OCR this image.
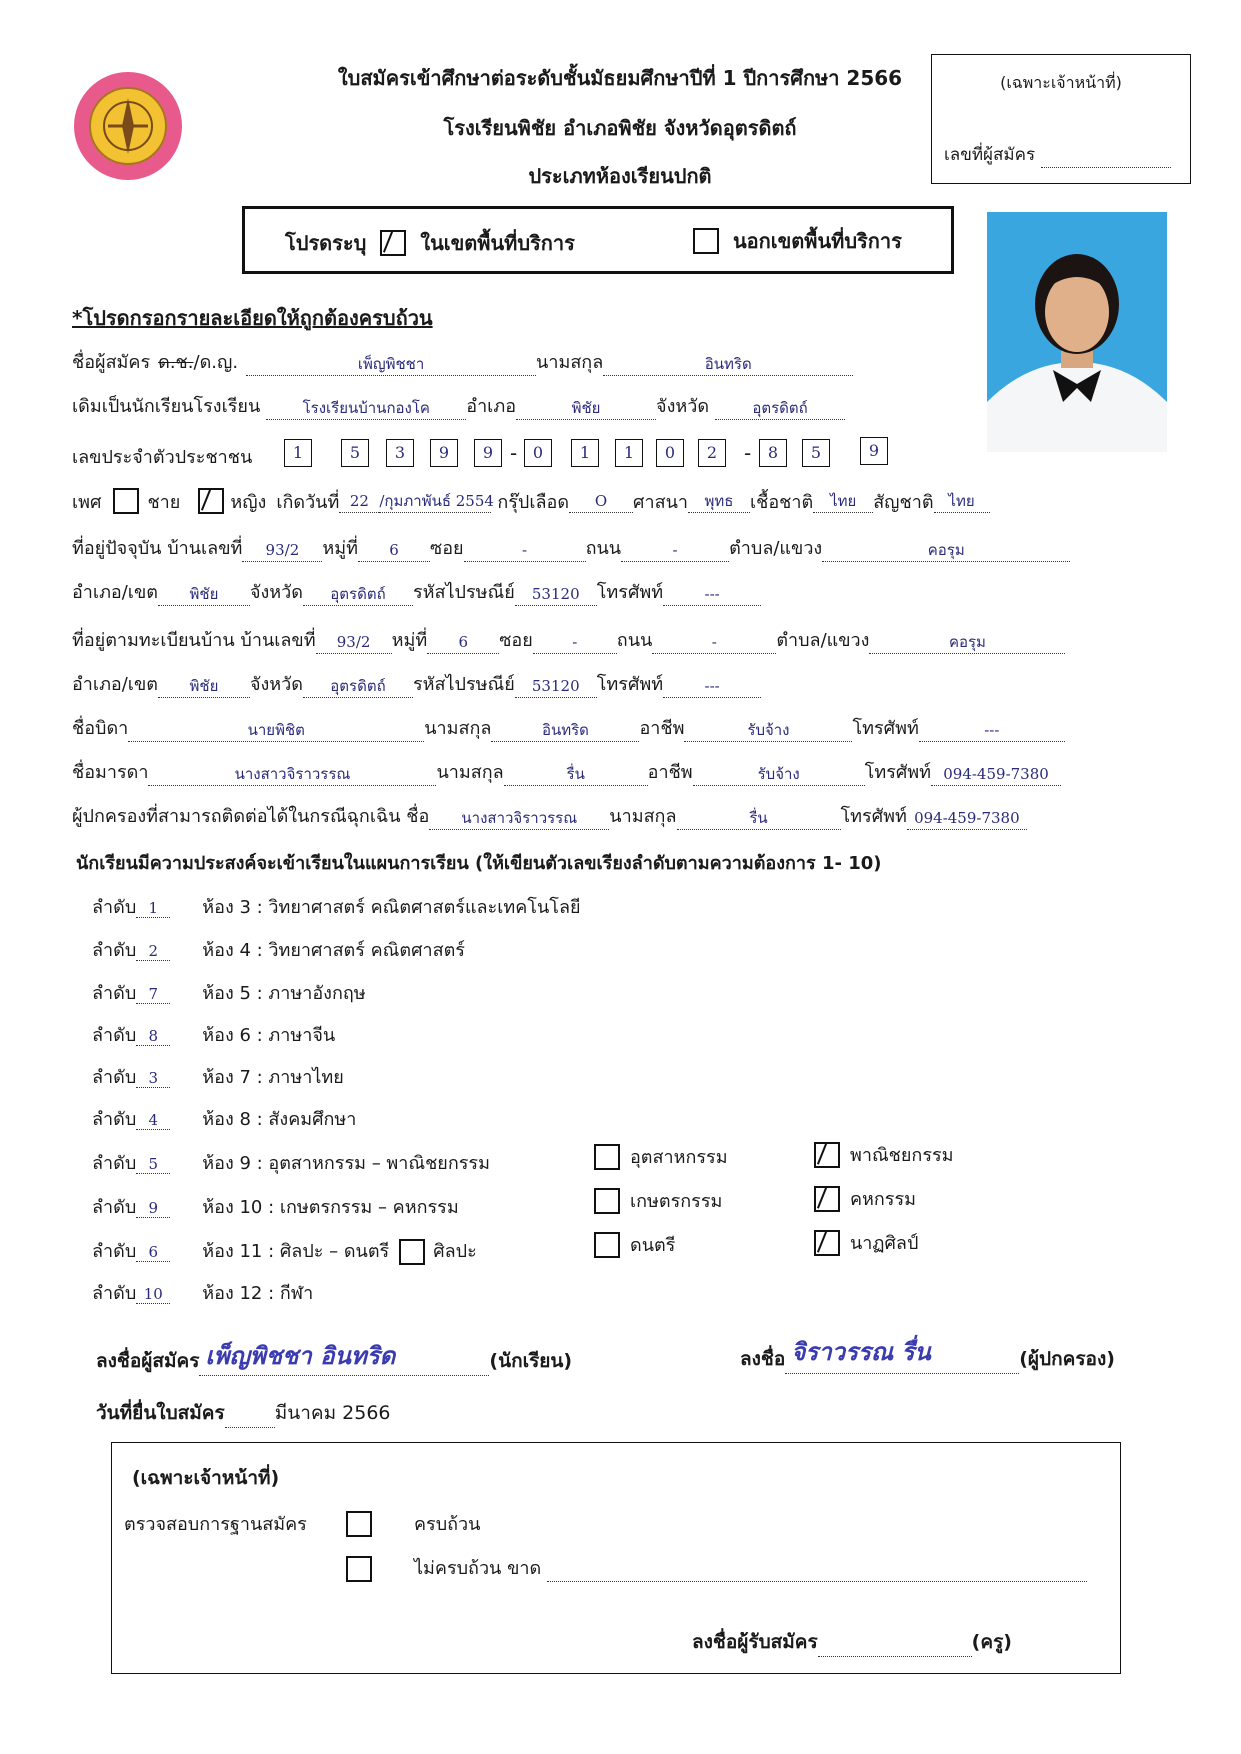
ใบสมัครเข้าศึกษาต่อระดับชั้นมัธยมศึกษาปีที่ 1 ปีการศึกษา 2566
โรงเรียนพิชัย อำเภอพิชัย จังหวัดอุตรดิตถ์
ประเภทห้องเรียนปกติ
(เฉพาะเจ้าหน้าที่)
เลขที่ผู้สมัคร
โปรดระบุ	ในเขตพื้นที่บริการ	นอกเขตพื้นที่บริการ
*โปรดกรอกรายละเอียดให้ถูกต้องครบถ้วน
ชื่อผู้สมัคร ด.ช. /ด.ญ.	เพ็ญพิชชา	นามสกุล	อินทริด
เดิมเป็นนักเรียนโรงเรียน	โรงเรียนบ้านกองโค	อำเภอ	พิชัย	จังหวัด	อุตรดิตถ์
เลขประจำตัวประชาชน	1	5	3	9	9 - 0	1	1	0	2	-	8	5	9
เพศ	ชาย	หญิง เกิดวันที่ 22 /กุมภาพันธ์ 2554 กรุ๊ปเลือด	O	ศาสนา	พุทธ เชื้อชาติ	ไทย สัญชาติ ไทย
ที่อยู่ปัจจุบัน บ้านเลขที่	93/2	หมู่ที่	6	ซอย	-	ถนน	-	ตำบล/แขวง	คอรุม
อำเภอ/เขต	พิชัย	จังหวัด	อุตรดิตถ์	รหัสไปรษณีย์	53120 โทรศัพท์	---
ที่อยู่ตามทะเบียนบ้าน บ้านเลขที่	93/2	หมู่ที่	6	ซอย	-	ถนน	-	ตำบล/แขวง	คอรุม
อำเภอ/เขต	พิชัย	จังหวัด	อุตรดิตถ์	รหัสไปรษณีย์	53120 โทรศัพท์	---
ชื่อบิดา	นายพิชิต	นามสกุล	อินทริด	อาชีพ	รับจ้าง	โทรศัพท์	---
ชื่อมารดา	นางสาวจิราวรรณ	นามสกุล	รื่น	อาชีพ	รับจ้าง	โทรศัพท์ 094-459-7380
ผู้ปกครองที่สามารถติดต่อได้ในกรณีฉุกเฉิน ชื่อ	นางสาวจิราวรรณ	นามสกุล	รื่น	โทรศัพท์ 094-459-7380
นักเรียนมีความประสงค์จะเข้าเรียนในแผนการเรียน (ให้เขียนตัวเลขเรียงลำดับตามความต้องการ 1- 10)
ลำดับ 1	ห้อง 3 : วิทยาศาสตร์ คณิตศาสตร์และเทคโนโลยี
ลำดับ 2	ห้อง 4 : วิทยาศาสตร์ คณิตศาสตร์
ลำดับ 7	ห้อง 5 : ภาษาอังกฤษ
ลำดับ 8	ห้อง 6 : ภาษาจีน
ลำดับ 3	ห้อง 7 : ภาษาไทย
ลำดับ 4	ห้อง 8 : สังคมศึกษา
ลำดับ 5	ห้อง 9 : อุตสาหกรรม – พาณิชยกรรม
ลำดับ 9	ห้อง 10 : เกษตรกรรม – คหกรรม
ลำดับ 6	ห้อง 11 : ศิลปะ – ดนตรี ศิลปะ
ลำดับ 10	ห้อง 12 : กีฬา
อุตสาหกรรม	พาณิชยกรรม
เกษตรกรรม	คหกรรม
ดนตรี	นาฏศิลป์
ลงชื่อผู้สมัคร เพ็ญพิชชา อินทริด	(นักเรียน)	ลงชื่อ จิราวรรณ รื่น	(ผู้ปกครอง)
วันที่ยื่นใบสมัคร	มีนาคม 2566
(เฉพาะเจ้าหน้าที่)
ตรวจสอบการฐานสมัคร	ครบถ้วน
ไม่ครบถ้วน ขาด
ลงชื่อผู้รับสมัคร	(ครู)
